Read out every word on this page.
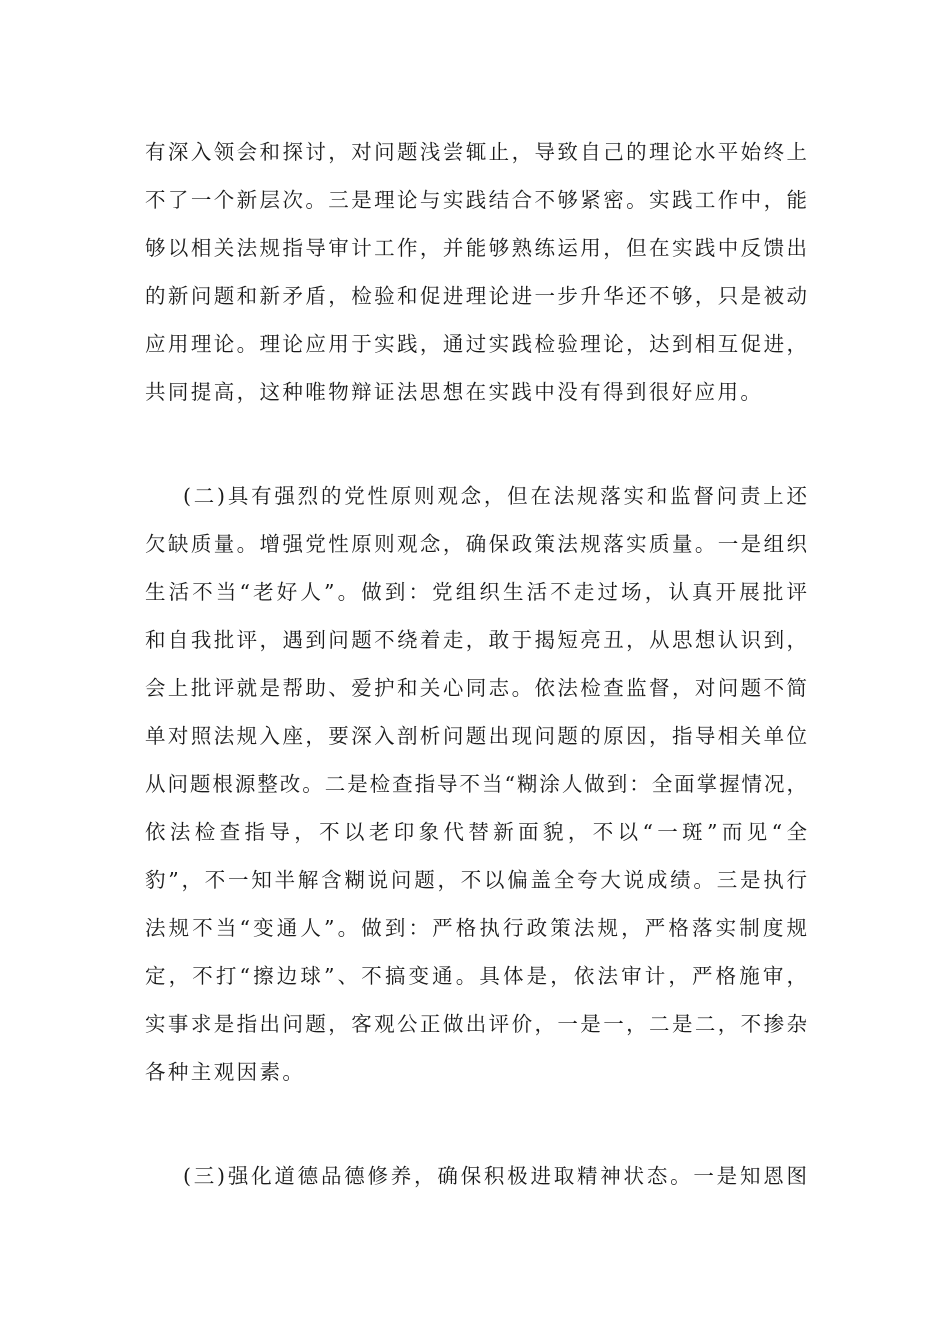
有深入领会和探讨，对问题浅尝辄止，导致自己的理论水平始终上
不了一个新层次。三是理论与实践结合不够紧密。实践工作中，能
够以相关法规指导审计工作，并能够熟练运用，但在实践中反馈出
的新问题和新矛盾，检验和促进理论进一步升华还不够，只是被动
应用理论。理论应用于实践，通过实践检验理论，达到相互促进，
共同提高，这种唯物辩证法思想在实践中没有得到很好应用。
(二)具有强烈的党性原则观念，但在法规落实和监督问责上还
欠缺质量。增强党性原则观念，确保政策法规落实质量。一是组织
生活不当“老好人”。做到：党组织生活不走过场，认真开展批评
和自我批评，遇到问题不绕着走，敢于揭短亮丑，从思想认识到，
会上批评就是帮助、爱护和关心同志。依法检查监督，对问题不简
单对照法规入座，要深入剖析问题出现问题的原因，指导相关单位
从问题根源整改。二是检查指导不当“糊涂人做到：全面掌握情况，
依法检查指导，不以老印象代替新面貌，不以“一斑”而见“全
豹”，不一知半解含糊说问题，不以偏盖全夸大说成绩。三是执行
法规不当“变通人”。做到：严格执行政策法规，严格落实制度规
定，不打“擦边球”、不搞变通。具体是，依法审计，严格施审，
实事求是指出问题，客观公正做出评价，一是一，二是二，不掺杂
各种主观因素。
(三)强化道德品德修养，确保积极进取精神状态。一是知恩图
